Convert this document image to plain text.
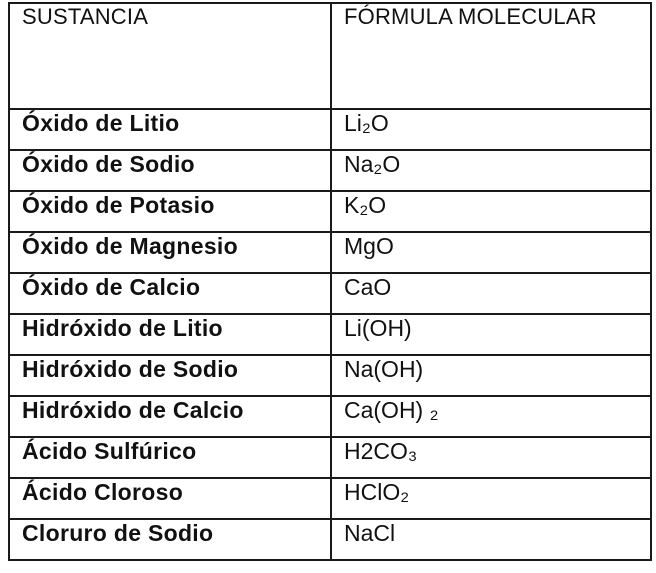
SUSTANCIA	FÓRMULA MOLECULAR
Óxido de Litio	Li₂O
Óxido de Sodio	Na₂O
Óxido de Potasio	K₂O
Óxido de Magnesio	MgO
Óxido de Calcio	CaO
Hidróxido de Litio	Li(OH)
Hidróxido de Sodio	Na(OH)
Hidróxido de Calcio	Ca(OH) ₂
Ácido Sulfúrico	H2CO₃
Ácido Cloroso	HClO₂
Cloruro de Sodio	NaCl
